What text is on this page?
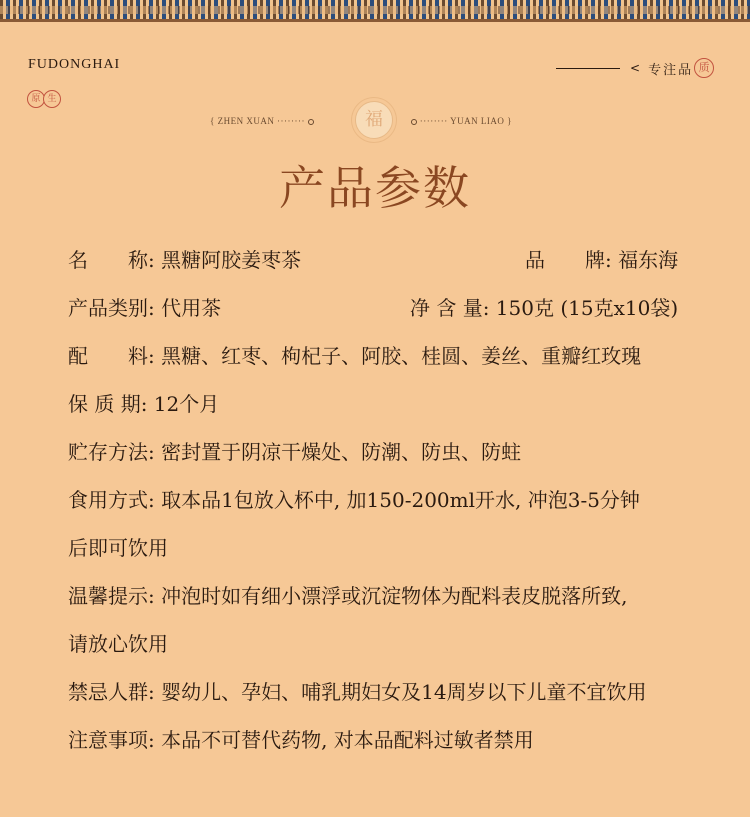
FUDONGHAI
原 生
< 专注品 质
{ ZHEN XUAN ········	福	········ YUAN LIAO }
产品参数
名　　称: 黑糖阿胶姜枣茶	品　　牌: 福东海
产品类别: 代用茶	净 含 量: 150克 (15克x10袋)
配　　料: 黑糖、红枣、枸杞子、阿胶、桂圆、姜丝、重瓣红玫瑰
保 质 期: 12个月
贮存方法: 密封置于阴凉干燥处、防潮、防虫、防蛀
食用方式: 取本品1包放入杯中, 加150-200ml开水, 冲泡3-5分钟
后即可饮用
温馨提示: 冲泡时如有细小漂浮或沉淀物体为配料表皮脱落所致,
请放心饮用
禁忌人群: 婴幼儿、孕妇、哺乳期妇女及14周岁以下儿童不宜饮用
注意事项: 本品不可替代药物, 对本品配料过敏者禁用
